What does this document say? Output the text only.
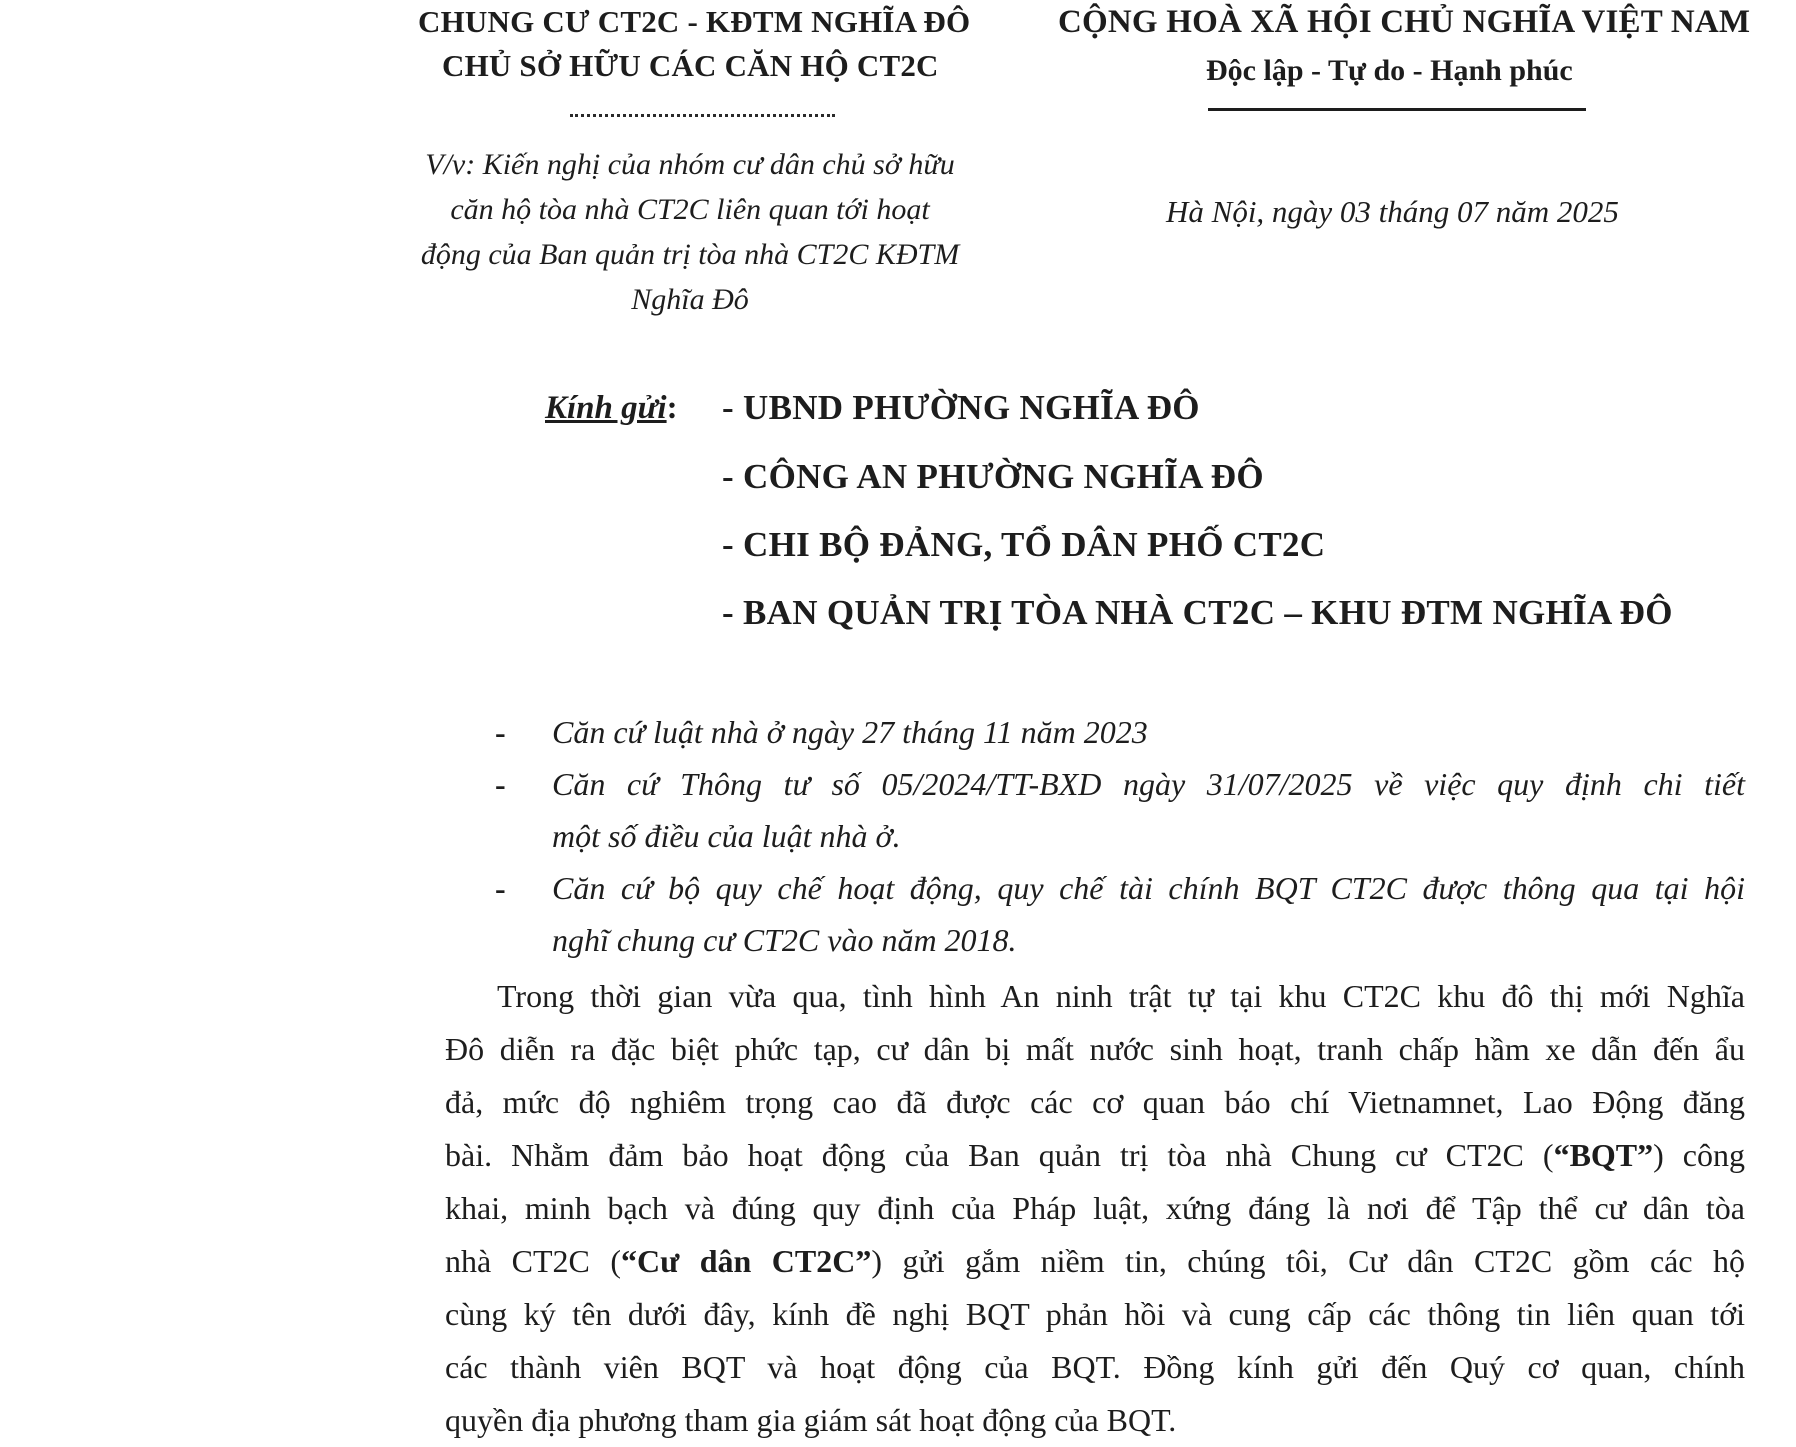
CHUNG CƯ CT2C - KĐTM NGHĨA ĐÔ
CHỦ SỞ HỮU CÁC CĂN HỘ CT2C
CỘNG HOÀ XÃ HỘI CHỦ NGHĨA VIỆT NAM
Độc lập - Tự do - Hạnh phúc
V/v: Kiến nghị của nhóm cư dân chủ sở hữu
căn hộ tòa nhà CT2C liên quan tới hoạt
động của Ban quản trị tòa nhà CT2C KĐTM
Nghĩa Đô
Hà Nội, ngày 03 tháng 07 năm 2025
Kính gửi: - UBND PHƯỜNG NGHĨA ĐÔ
- CÔNG AN PHƯỜNG NGHĨA ĐÔ
- CHI BỘ ĐẢNG, TỔ DÂN PHỐ CT2C
- BAN QUẢN TRỊ TÒA NHÀ CT2C – KHU ĐTM NGHĨA ĐÔ
- Căn cứ luật nhà ở ngày 27 tháng 11 năm 2023
- Căn cứ Thông tư số 05/2024/TT-BXD ngày 31/07/2025 về việc quy định chi tiết
một số điều của luật nhà ở.
- Căn cứ bộ quy chế hoạt động, quy chế tài chính BQT CT2C được thông qua tại hội
nghĩ chung cư CT2C vào năm 2018.
Trong thời gian vừa qua, tình hình An ninh trật tự tại khu CT2C khu đô thị mới Nghĩa
Đô diễn ra đặc biệt phức tạp, cư dân bị mất nước sinh hoạt, tranh chấp hầm xe dẫn đến ẩu
đả, mức độ nghiêm trọng cao đã được các cơ quan báo chí Vietnamnet, Lao Động đăng
bài. Nhằm đảm bảo hoạt động của Ban quản trị tòa nhà Chung cư CT2C (“BQT”) công
khai, minh bạch và đúng quy định của Pháp luật, xứng đáng là nơi để Tập thể cư dân tòa
nhà CT2C (“Cư dân CT2C”) gửi gắm niềm tin, chúng tôi, Cư dân CT2C gồm các hộ
cùng ký tên dưới đây, kính đề nghị BQT phản hồi và cung cấp các thông tin liên quan tới
các thành viên BQT và hoạt động của BQT. Đồng kính gửi đến Quý cơ quan, chính
quyền địa phương tham gia giám sát hoạt động của BQT.
